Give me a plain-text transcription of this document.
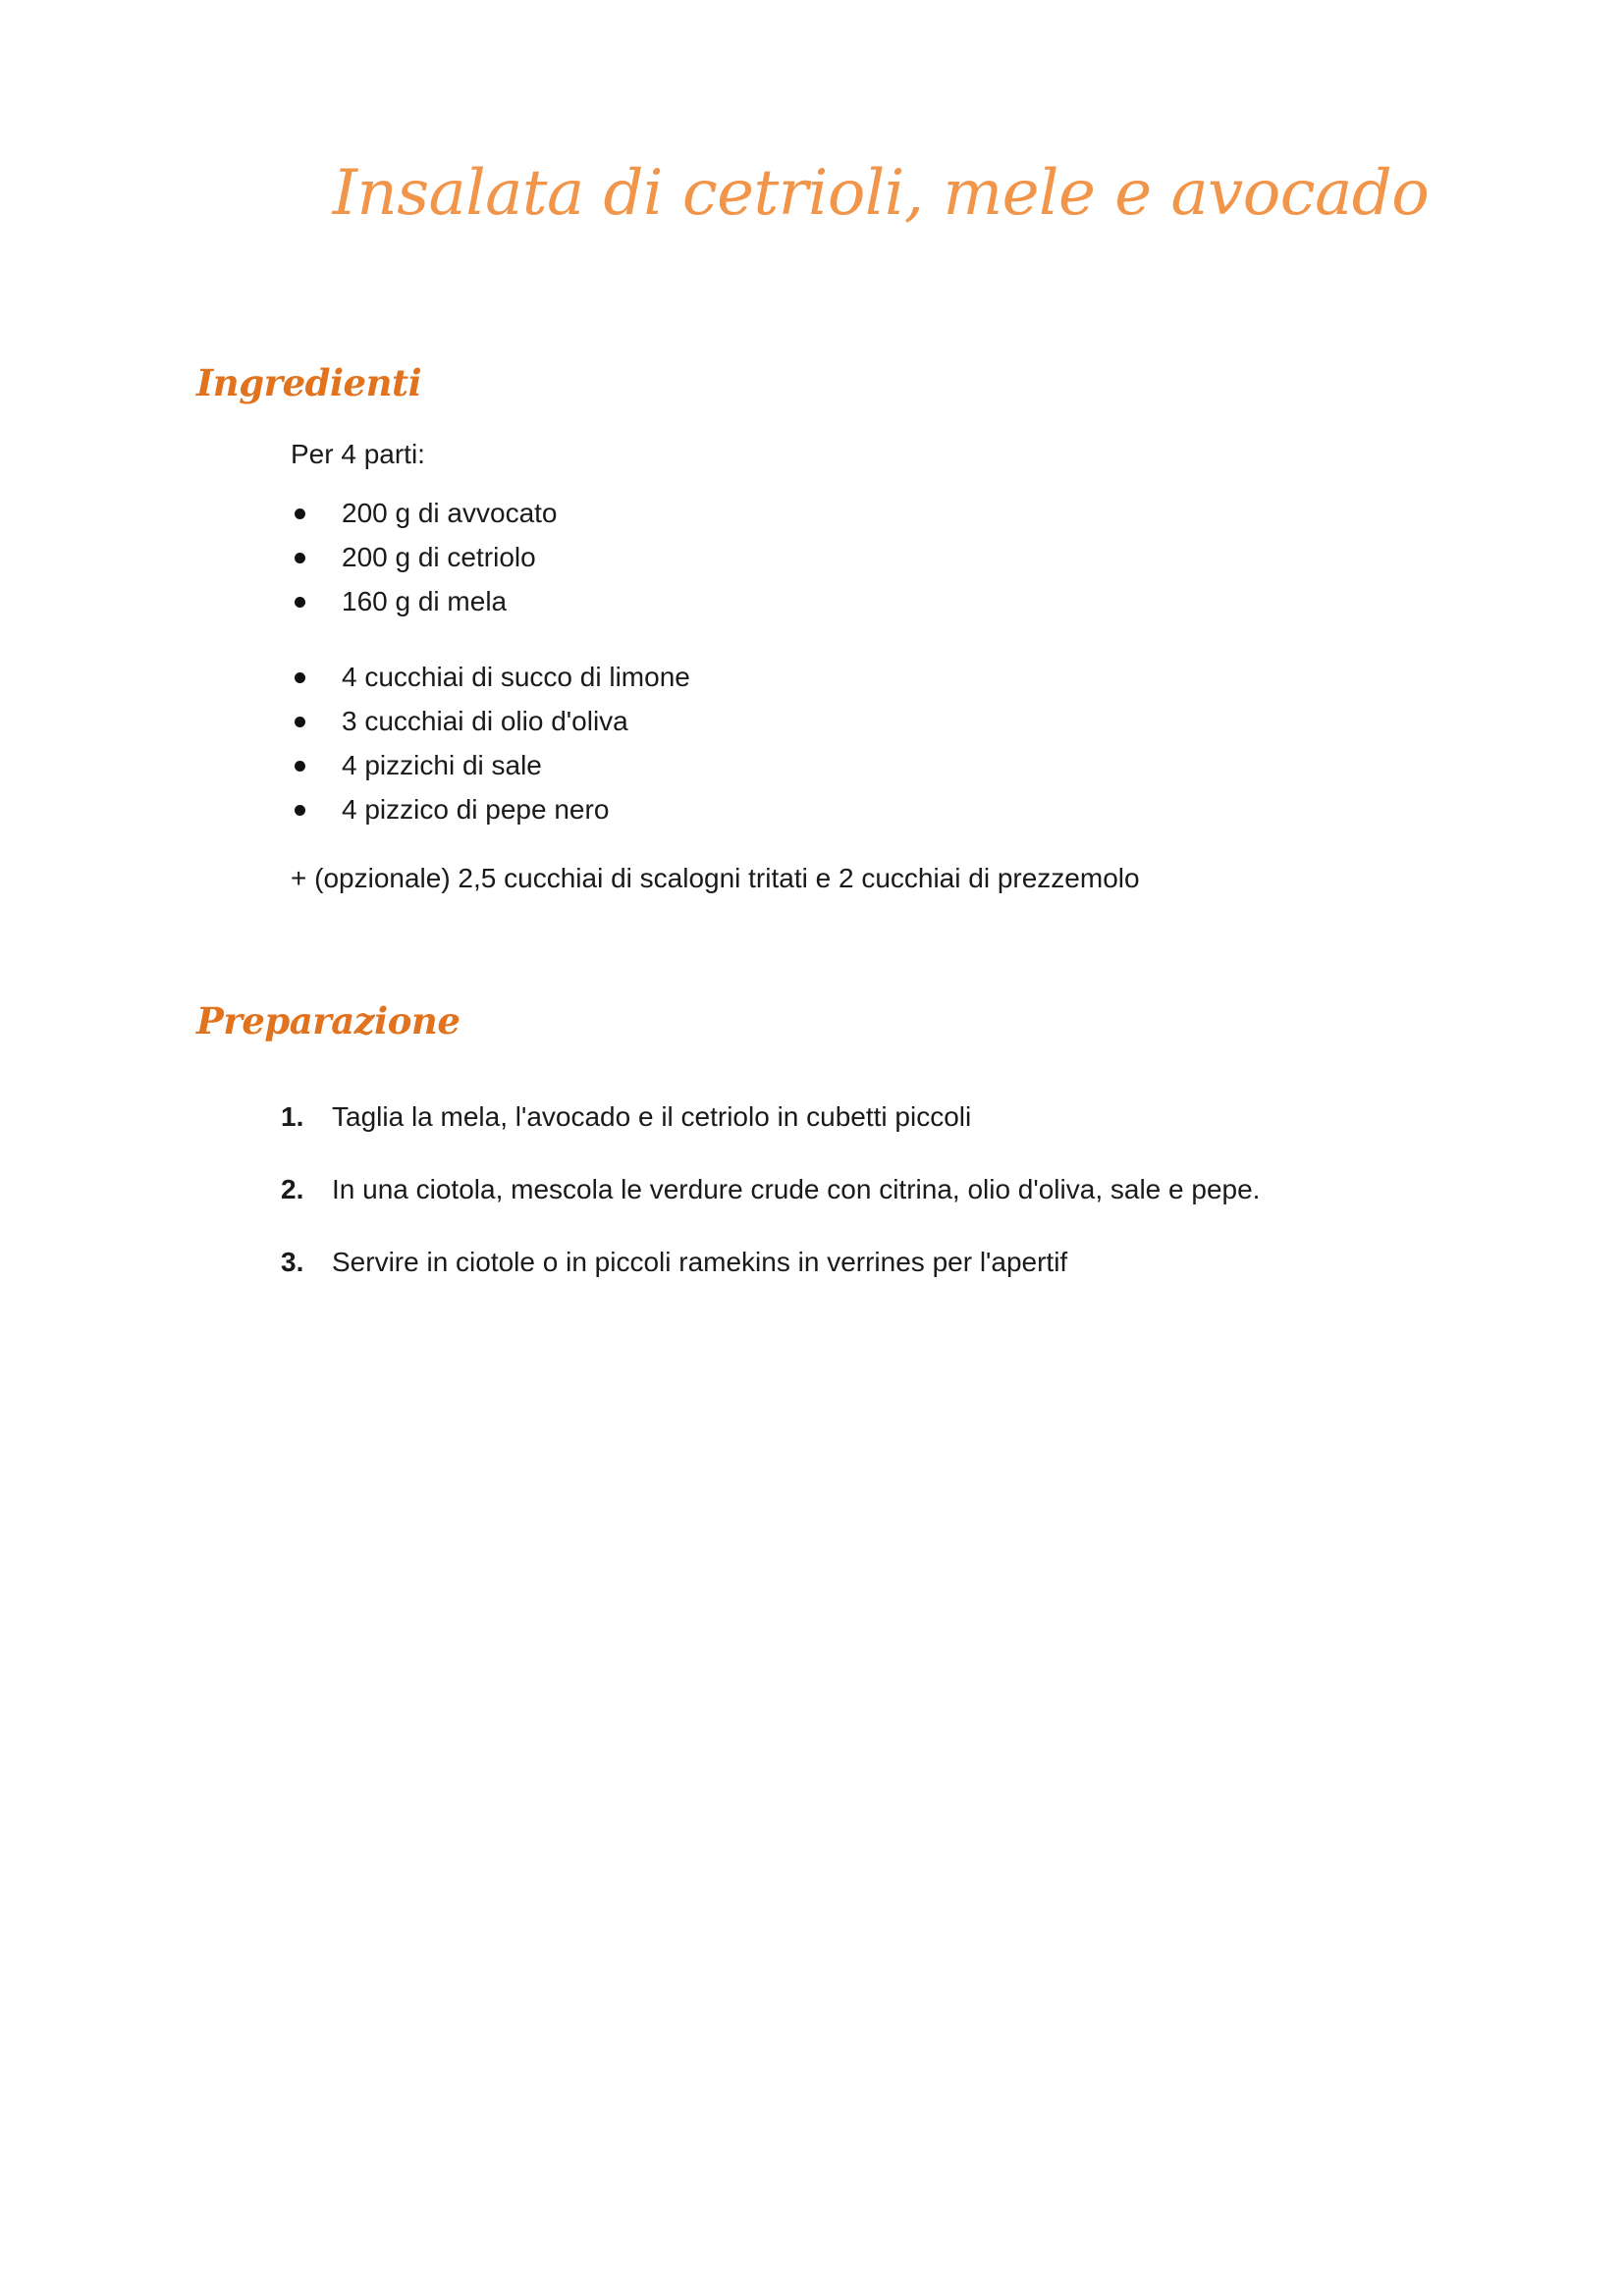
Insalata di cetrioli, mele e avocado
Ingredienti

Per 4 parti:

200 g di avvocato
200 g di cetriolo
160 g di mela
4 cucchiai di succo di limone
3 cucchiai di olio d'oliva
4 pizzichi di sale
4 pizzico di pepe nero

+ (opzionale) 2,5 cucchiai di scalogni tritati e 2 cucchiai di prezzemolo

Preparazione
1. Taglia la mela, l'avocado e il cetriolo in cubetti piccoli
2. In una ciotola, mescola le verdure crude con citrina, olio d'oliva, sale e pepe.
3. Servire in ciotole o in piccoli ramekins in verrines per l'apertif
